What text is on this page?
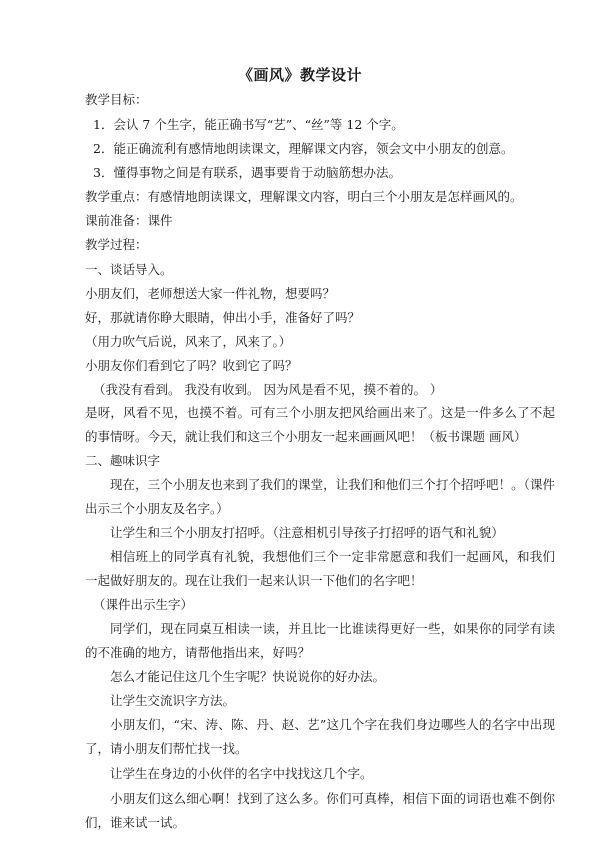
《画风》教学设计
教学目标：
1．会认 7 个生字，能正确书写“艺”、“丝”等 12 个字。
2．能正确流利有感情地朗读课文，理解课文内容，领会文中小朋友的创意。
3．懂得事物之间是有联系，遇事要肯于动脑筋想办法。
教学重点：有感情地朗读课文，理解课文内容，明白三个小朋友是怎样画风的。
课前准备：课件
教学过程：
一、谈话导入。
小朋友们，老师想送大家一件礼物，想要吗？
好，那就请你睁大眼睛，伸出小手，准备好了吗？
（用力吹气后说，风来了，风来了。）
小朋友你们看到它了吗？收到它了吗？
（我没有看到。 我没有收到。 因为风是看不见，摸不着的。 ）
是呀，风看不见，也摸不着。可有三个小朋友把风给画出来了。这是一件多么了不起的事情呀。今天，就让我们和这三个小朋友一起来画画风吧！（板书课题 画风）
二、趣味识字
现在，三个小朋友也来到了我们的课堂，让我们和他们三个打个招呼吧！。（课件出示三个小朋友及名字。）
让学生和三个小朋友打招呼。（注意相机引导孩子打招呼的语气和礼貌）
相信班上的同学真有礼貌，我想他们三个一定非常愿意和我们一起画风，和我们一起做好朋友的。现在让我们一起来认识一下他们的名字吧！
（课件出示生字）
同学们，现在同桌互相读一读，并且比一比谁读得更好一些，如果你的同学有读的不准确的地方，请帮他指出来，好吗？
怎么才能记住这几个生字呢？快说说你的好办法。
让学生交流识字方法。
小朋友们，“宋、涛、陈、丹、赵、艺”这几个字在我们身边哪些人的名字中出现了，请小朋友们帮忙找一找。
让学生在身边的小伙伴的名字中找找这几个字。
小朋友们这么细心啊！找到了这么多。你们可真棒，相信下面的词语也难不倒你们，谁来试一试。
